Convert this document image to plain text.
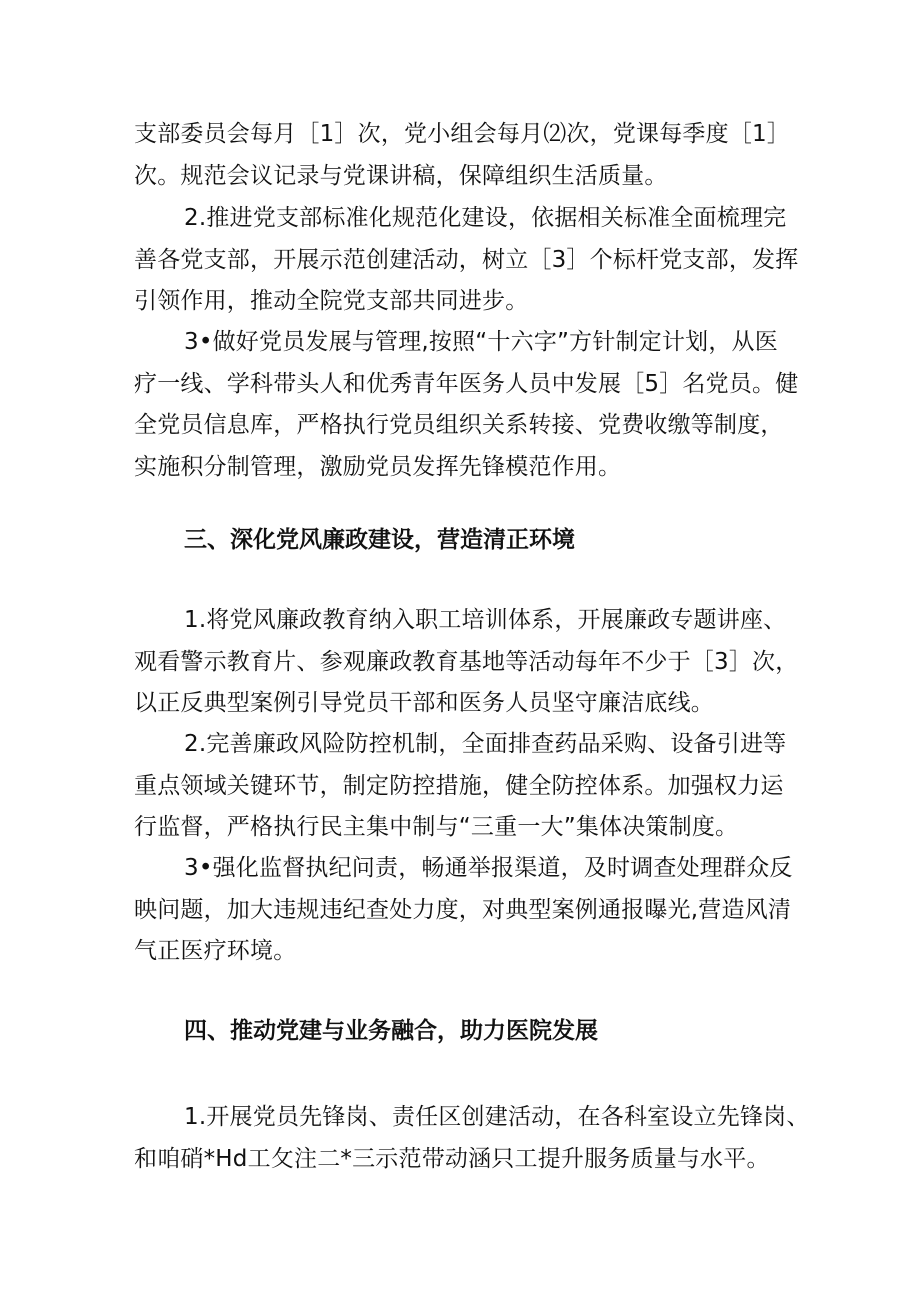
支部委员会每月［1］次，党小组会每月⑵次，党课每季度［1］
次。规范会议记录与党课讲稿，保障组织生活质量。

2.推进党支部标准化规范化建设，依据相关标准全面梳理完
善各党支部，开展示范创建活动，树立［3］个标杆党支部，发挥
引领作用，推动全院党支部共同进步。

3•做好党员发展与管理,按照“十六字”方针制定计划，从医
疗一线、学科带头人和优秀青年医务人员中发展［5］名党员。健
全党员信息库，严格执行党员组织关系转接、党费收缴等制度，
实施积分制管理，激励党员发挥先锋模范作用。

三、深化党风廉政建设，营造清正环境

1.将党风廉政教育纳入职工培训体系，开展廉政专题讲座、
观看警示教育片、参观廉政教育基地等活动每年不少于［3］次，
以正反典型案例引导党员干部和医务人员坚守廉洁底线。

2.完善廉政风险防控机制，全面排查药品采购、设备引进等
重点领域关键环节，制定防控措施，健全防控体系。加强权力运
行监督，严格执行民主集中制与“三重一大”集体决策制度。

3•强化监督执纪问责，畅通举报渠道，及时调查处理群众反
映问题，加大违规违纪查处力度，对典型案例通报曝光,营造风清
气正医疗环境。

四、推动党建与业务融合，助力医院发展

1.开展党员先锋岗、责任区创建活动，在各科室设立先锋岗、
和咱硝*Hd工攵注二*三示范带动涵只工提升服务质量与水平。
